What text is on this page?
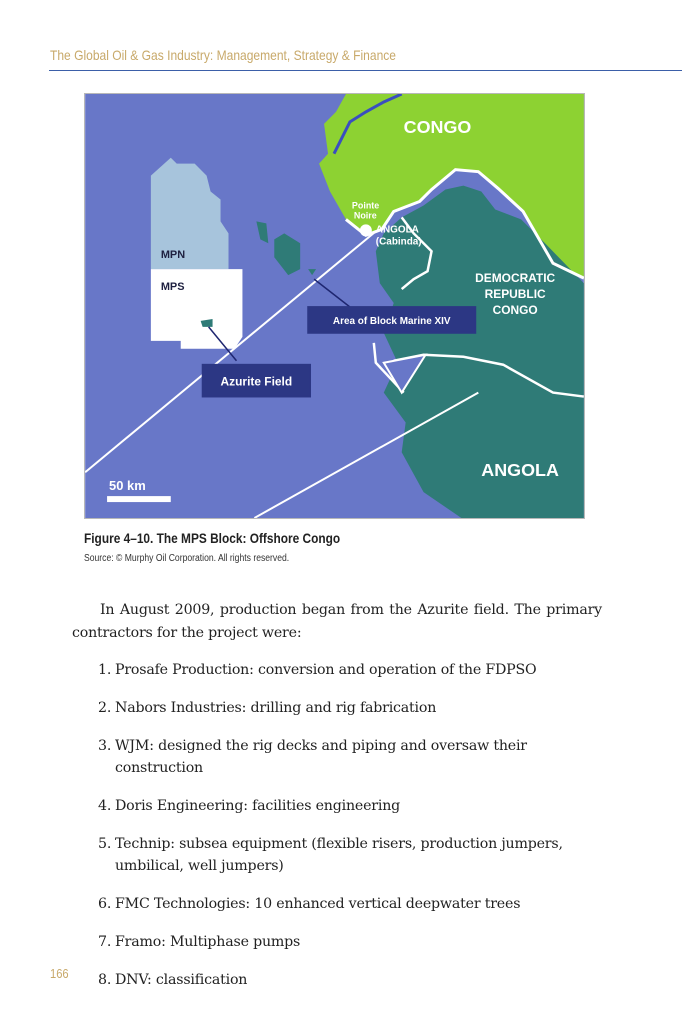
The Global Oil & Gas Industry: Management, Strategy & Finance
CONGO
Pointe
Noire
ANGOLA
(Cabinda)
DEMOCRATIC
REPUBLIC
CONGO
MPN
MPS
Area of Block Marine XIV
Azurite Field
ANGOLA
50 km
Figure 4–10. The MPS Block: Offshore Congo
Source: © Murphy Oil Corporation. All rights reserved.

In August 2009, production began from the Azurite field. The primary contractors for the project were:

1. Prosafe Production: conversion and operation of the FDPSO
2. Nabors Industries: drilling and rig fabrication
3. WJM: designed the rig decks and piping and oversaw their construction
4. Doris Engineering: facilities engineering
5. Technip: subsea equipment (flexible risers, production jumpers, umbilical, well jumpers)
6. FMC Technologies: 10 enhanced vertical deepwater trees
7. Framo: Multiphase pumps
8. DNV: classification
166
